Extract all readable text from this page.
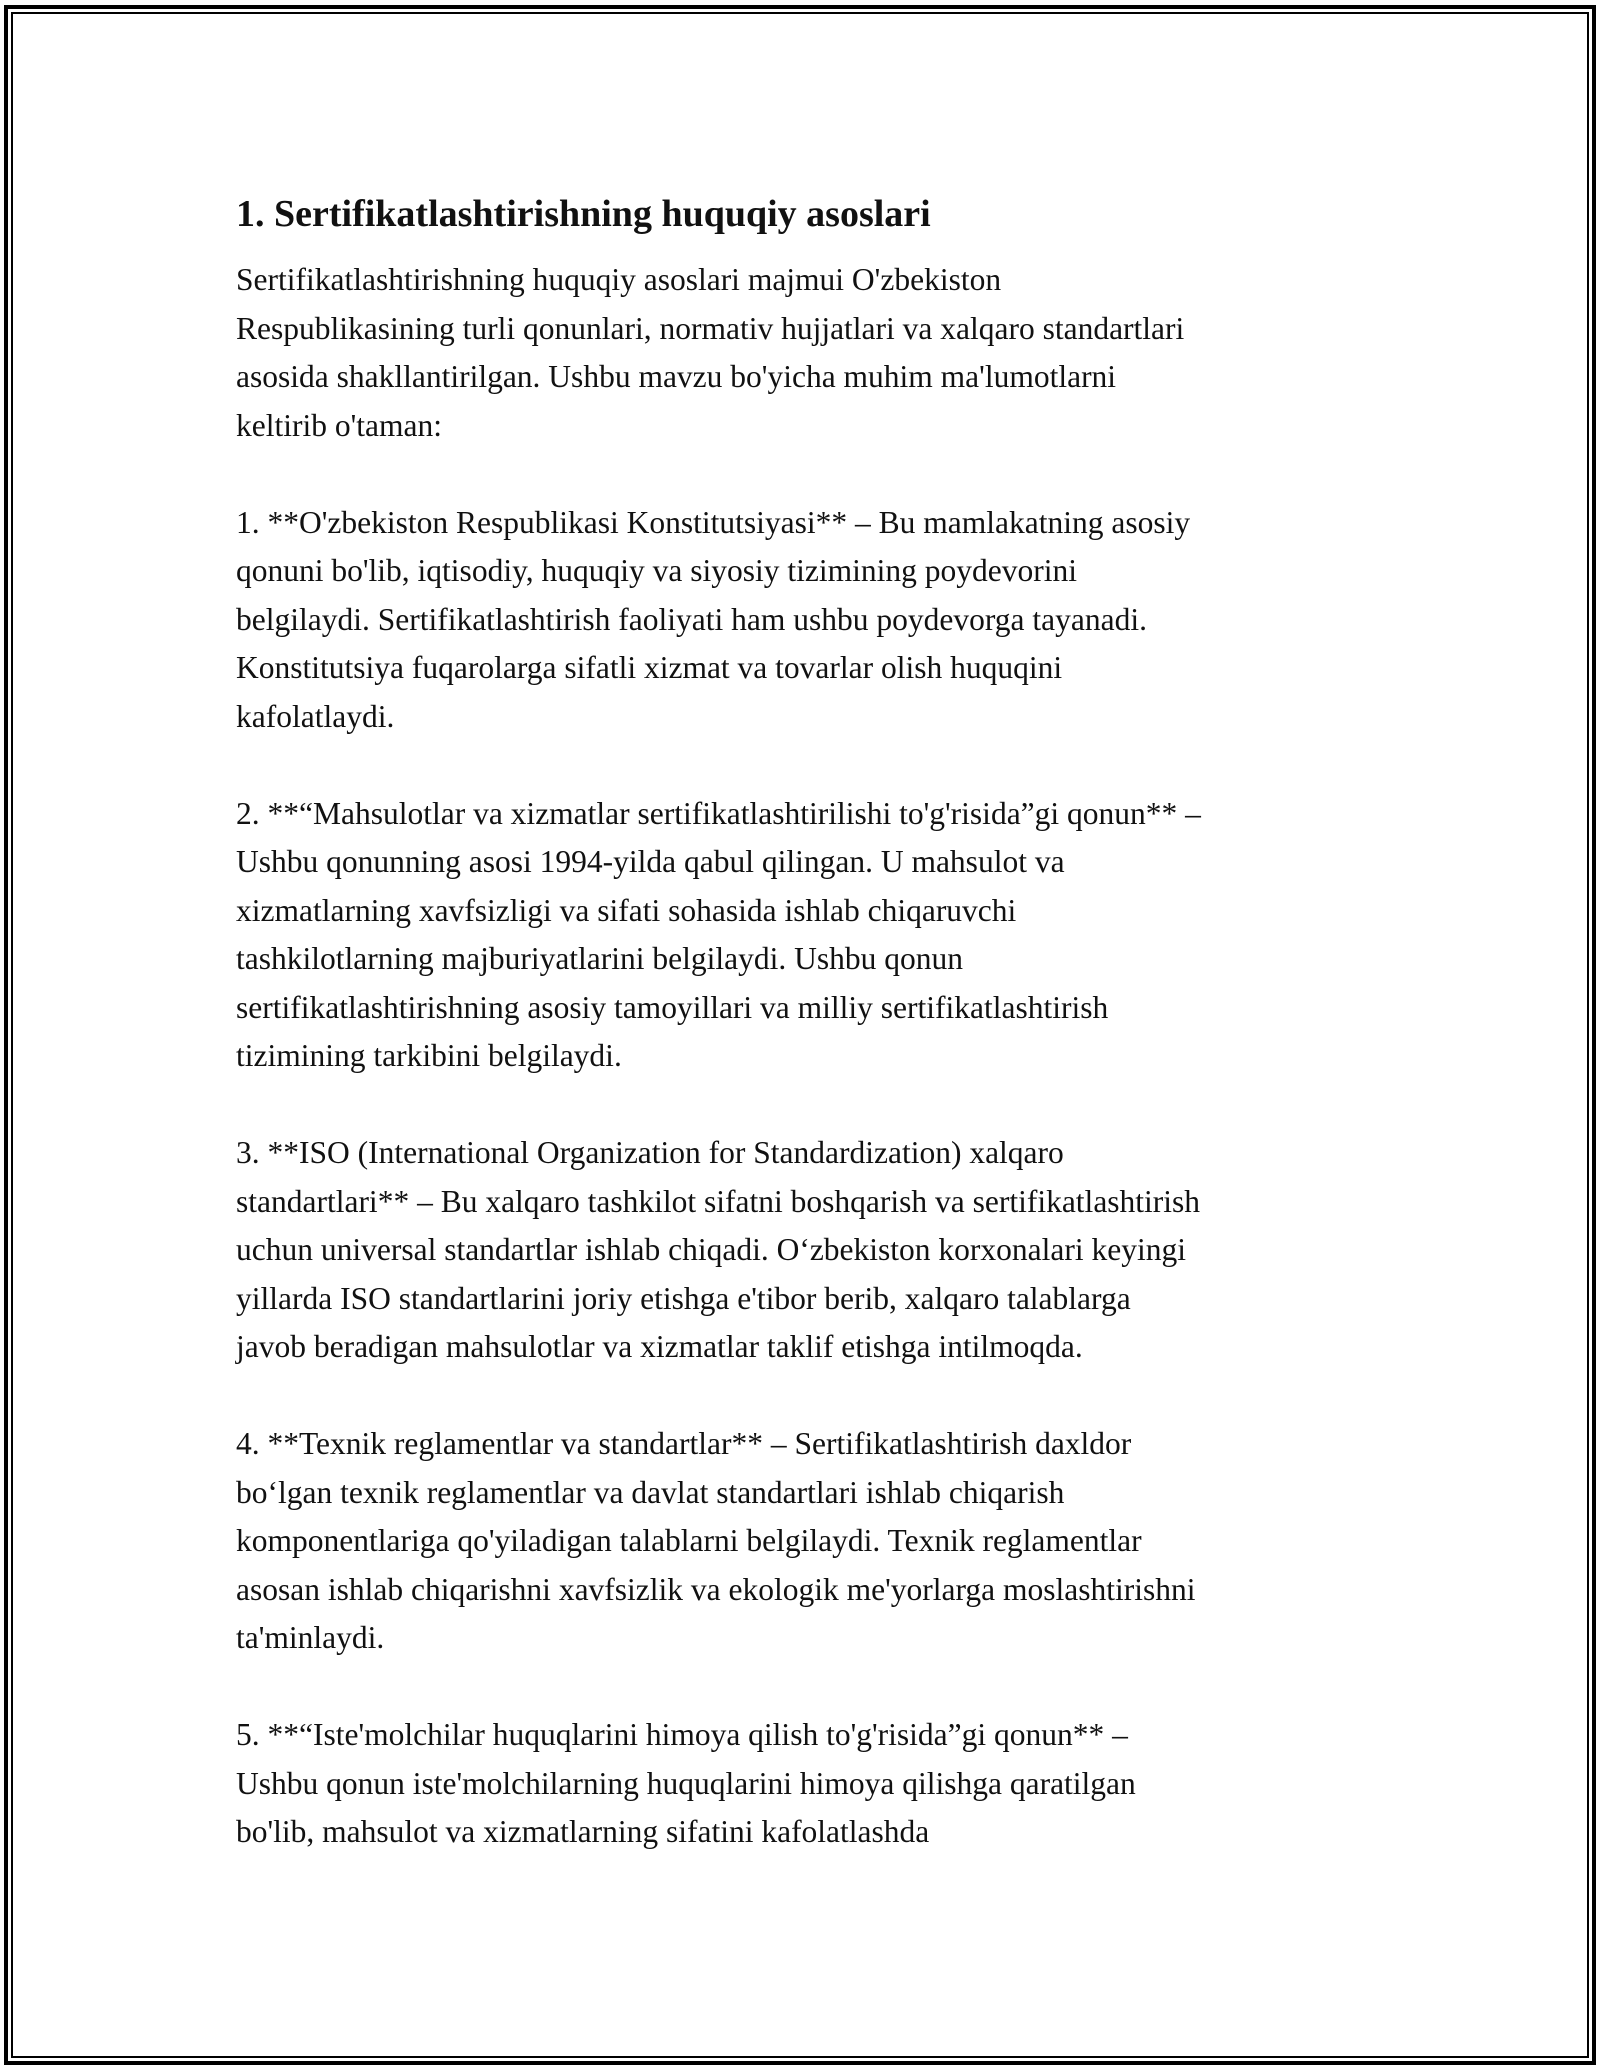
1. Sertifikatlashtirishning huquqiy asoslari

Sertifikatlashtirishning huquqiy asoslari majmui O'zbekiston
Respublikasining turli qonunlari, normativ hujjatlari va xalqaro standartlari
asosida shakllantirilgan. Ushbu mavzu bo'yicha muhim ma'lumotlarni
keltirib o'taman:

1. **O'zbekiston Respublikasi Konstitutsiyasi** – Bu mamlakatning asosiy
qonuni bo'lib, iqtisodiy, huquqiy va siyosiy tizimining poydevorini
belgilaydi. Sertifikatlashtirish faoliyati ham ushbu poydevorga tayanadi.
Konstitutsiya fuqarolarga sifatli xizmat va tovarlar olish huquqini
kafolatlaydi.

2. **“Mahsulotlar va xizmatlar sertifikatlashtirilishi to'g'risida”gi qonun** –
Ushbu qonunning asosi 1994-yilda qabul qilingan. U mahsulot va
xizmatlarning xavfsizligi va sifati sohasida ishlab chiqaruvchi
tashkilotlarning majburiyatlarini belgilaydi. Ushbu qonun
sertifikatlashtirishning asosiy tamoyillari va milliy sertifikatlashtirish
tizimining tarkibini belgilaydi.

3. **ISO (International Organization for Standardization) xalqaro
standartlari** – Bu xalqaro tashkilot sifatni boshqarish va sertifikatlashtirish
uchun universal standartlar ishlab chiqadi. O‘zbekiston korxonalari keyingi
yillarda ISO standartlarini joriy etishga e'tibor berib, xalqaro talablarga
javob beradigan mahsulotlar va xizmatlar taklif etishga intilmoqda.

4. **Texnik reglamentlar va standartlar** – Sertifikatlashtirish daxldor
bo‘lgan texnik reglamentlar va davlat standartlari ishlab chiqarish
komponentlariga qo'yiladigan talablarni belgilaydi. Texnik reglamentlar
asosan ishlab chiqarishni xavfsizlik va ekologik me'yorlarga moslashtirishni
ta'minlaydi.

5. **“Iste'molchilar huquqlarini himoya qilish to'g'risida”gi qonun** –
Ushbu qonun iste'molchilarning huquqlarini himoya qilishga qaratilgan
bo'lib, mahsulot va xizmatlarning sifatini kafolatlashda
